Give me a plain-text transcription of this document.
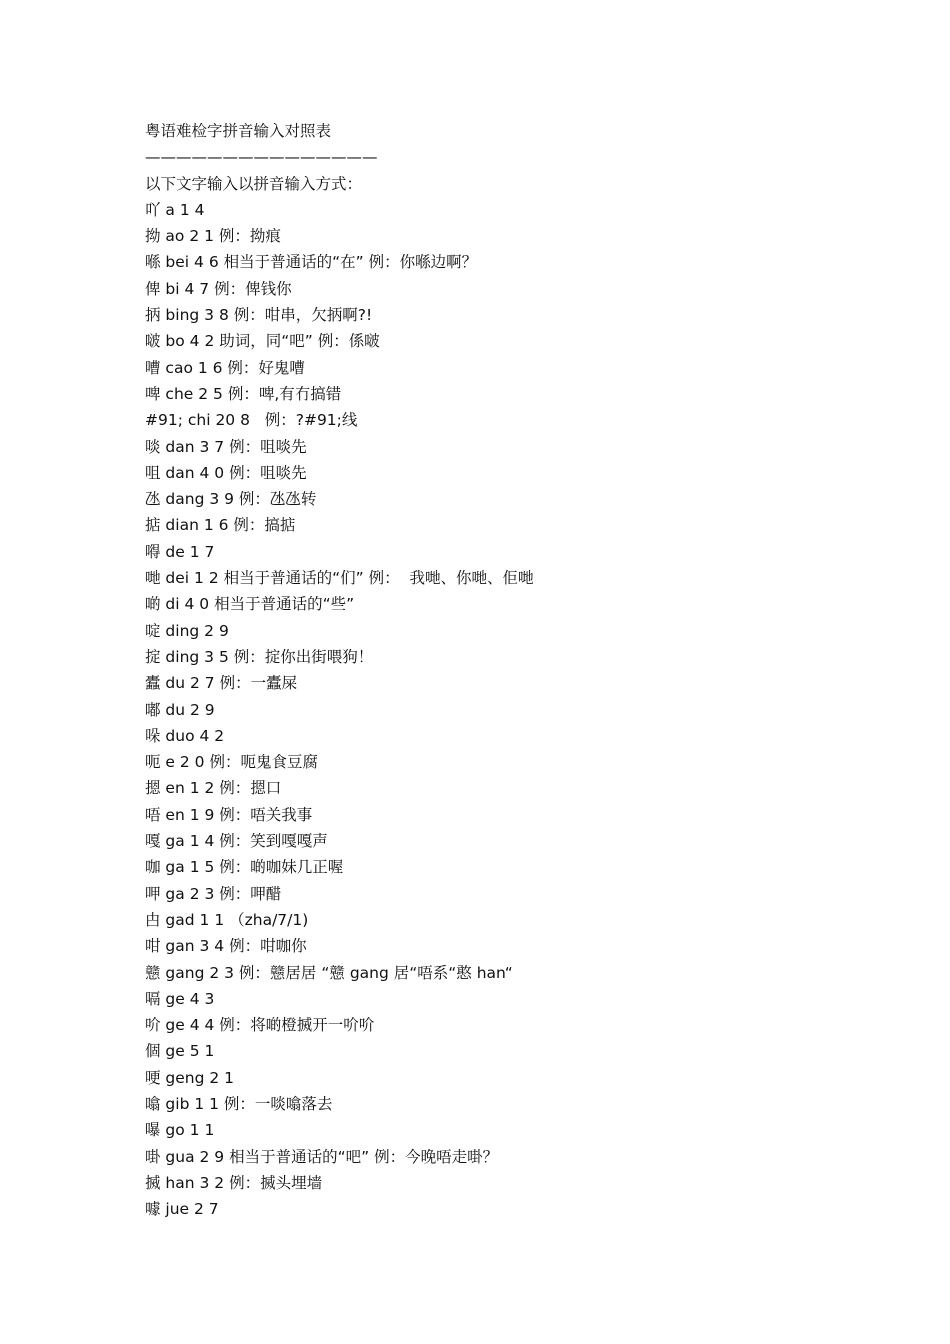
粤语难检字拼音输入对照表
———————————————
以下文字输入以拼音输入方式：
吖 a 1 4
拗 ao 2 1 例：拗痕
喺 bei 4 6 相当于普通话的“在” 例：你喺边啊？
俾 bi 4 7 例：俾钱你
抦 bing 3 8 例：咁串，欠抦啊?!
啵 bo 4 2 助词，同“吧” 例：係啵
嘈 cao 1 6 例：好鬼嘈
啤 che 2 5 例：啤,有冇搞错
#91; chi 20 8   例：?#91;线
啖 dan 3 7 例：咀啖先
咀 dan 4 0 例：咀啖先
氹 dang 3 9 例：氹氹转
掂 dian 1 6 例：搞掂
嘚 de 1 7
哋 dei 1 2 相当于普通话的“们” 例：  我哋、你哋、佢哋
啲 di 4 0 相当于普通话的“些”
啶 ding 2 9
掟 ding 3 5 例：掟你出街喂狗！
蠹 du 2 7 例：一蠹屎
嘟 du 2 9
哚 duo 4 2
呃 e 2 0 例：呃鬼食豆腐
摁 en 1 2 例：摁口
唔 en 1 9 例：唔关我事
嘎 ga 1 4 例：笑到嘎嘎声
咖 ga 1 5 例：啲咖妹几正喔
呷 ga 2 3 例：呷醋
甴 gad 1 1 （zha/7/1)
咁 gan 3 4 例：咁咖你
戆 gang 2 3 例：戆居居 “戆 gang 居“唔系“憨 han“
嗝 ge 4 3
吤 ge 4 4 例：将啲橙搣开一吤吤
個 ge 5 1
哽 geng 2 1
噏 gib 1 1 例：一啖噏落去
嚗 go 1 1
啩 gua 2 9 相当于普通话的“吧” 例：今晚唔走啩？
搣 han 3 2 例：搣头埋墙
噱 jue 2 7
